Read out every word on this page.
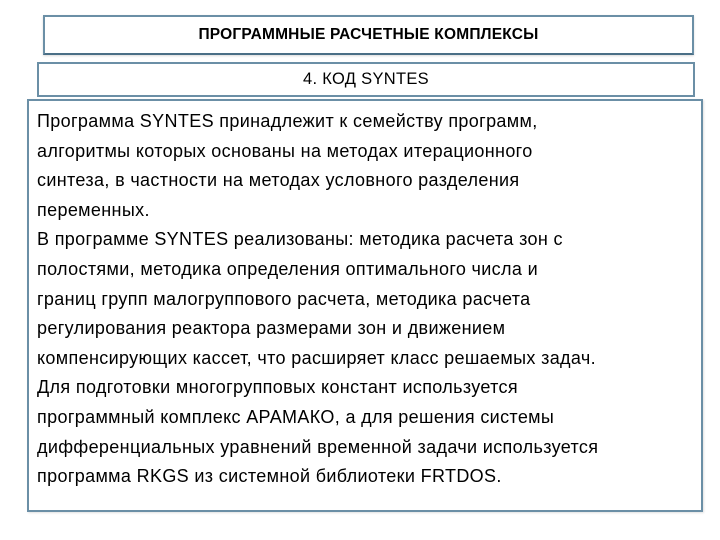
ПРОГРАММНЫЕ РАСЧЕТНЫЕ КОМПЛЕКСЫ
4. КОД SYNTES

Программа SYNTES принадлежит к семейству программ,
алгоритмы которых основаны на методах итерационного
синтеза, в частности на методах условного разделения
переменных.
В программе SYNTES реализованы: методика расчета зон с
полостями, методика определения оптимального числа и
границ групп малогруппового расчета, методика расчета
регулирования реактора размерами зон и движением
компенсирующих кассет, что расширяет класс решаемых задач.
Для подготовки многогрупповых констант используется
программный комплекс АРАМАКО, а для решения системы
дифференциальных уравнений временной задачи используется
программа RKGS из системной библиотеки FRTDOS.
